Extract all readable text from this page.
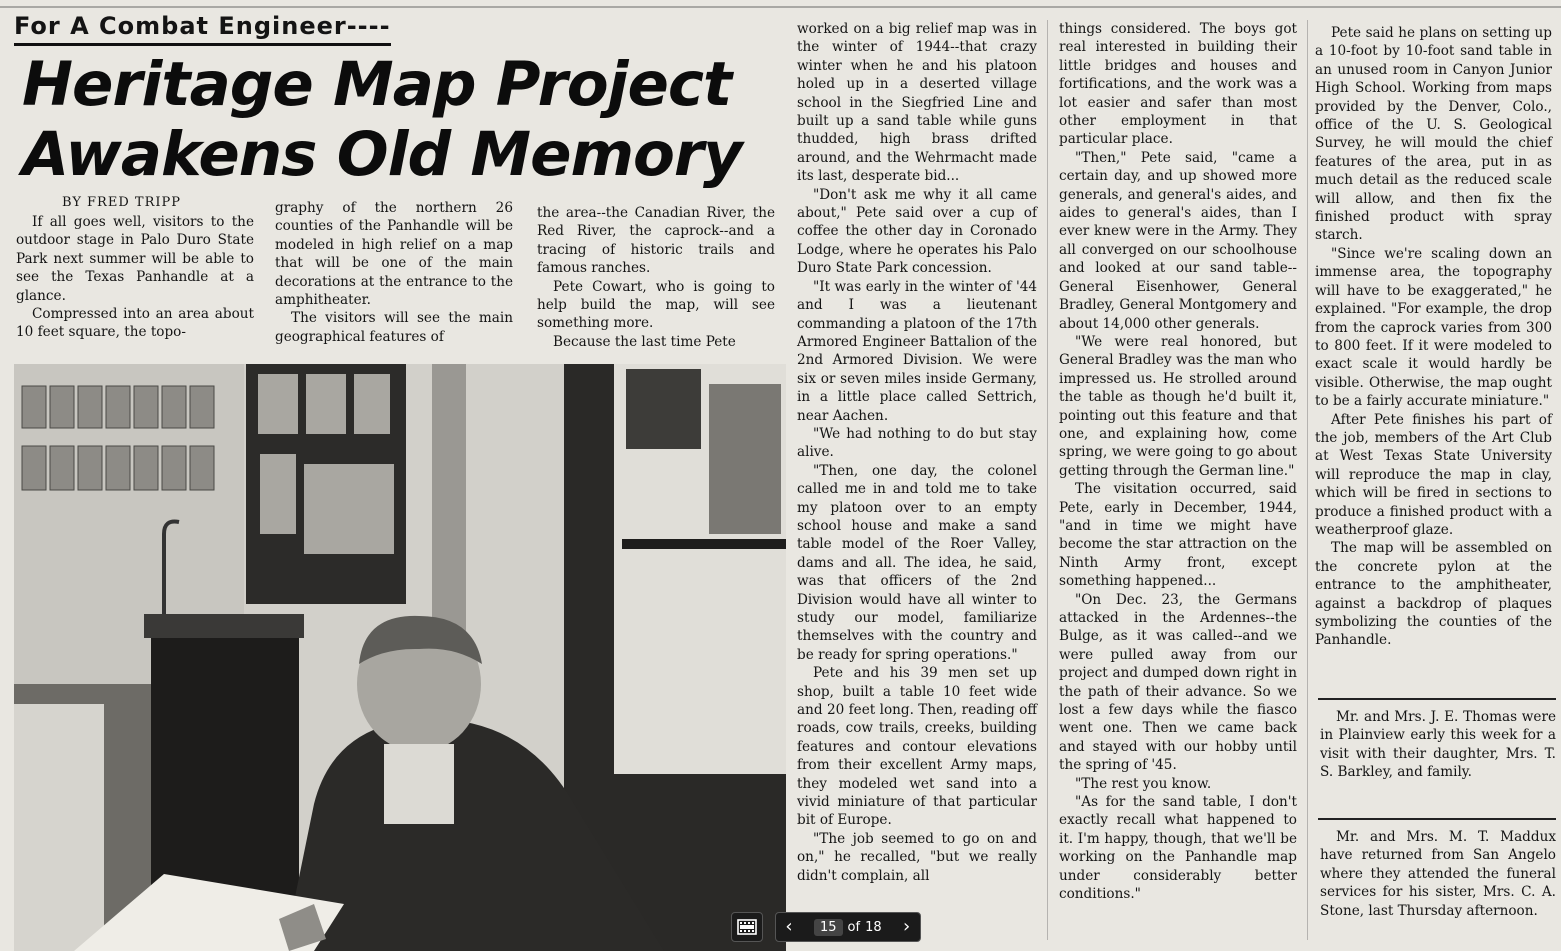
For A Combat Engineer----
Heritage Map Project Awakens Old Memory
BY FRED TRIPP

If all goes well, visitors to the outdoor stage in Palo Duro State Park next summer will be able to see the Texas Panhandle at a glance.

Compressed into an area about 10 feet square, the topo-

graphy of the northern 26 counties of the Panhandle will be modeled in high relief on a map that will be one of the main decorations at the entrance to the amphitheater.

The visitors will see the main geographical features of

the area--the Canadian River, the Red River, the caprock--and a tracing of historic trails and famous ranches.

Pete Cowart, who is going to help build the map, will see something more.

Because the last time Pete

worked on a big relief map was in the winter of 1944--that crazy winter when he and his platoon holed up in a deserted village school in the Siegfried Line and built up a sand table while guns thudded, high brass drifted around, and the Wehrmacht made its last, desperate bid...

"Don't ask me why it all came about," Pete said over a cup of coffee the other day in Coronado Lodge, where he operates his Palo Duro State Park concession.

"It was early in the winter of '44 and I was a lieutenant commanding a platoon of the 17th Armored Engineer Battalion of the 2nd Armored Division. We were six or seven miles inside Germany, in a little place called Settrich, near Aachen.

"We had nothing to do but stay alive.

"Then, one day, the colonel called me in and told me to take my platoon over to an empty school house and make a sand table model of the Roer Valley, dams and all. The idea, he said, was that officers of the 2nd Division would have all winter to study our model, familiarize themselves with the country and be ready for spring operations."

Pete and his 39 men set up shop, built a table 10 feet wide and 20 feet long. Then, reading off roads, cow trails, creeks, building features and contour elevations from their excellent Army maps, they modeled wet sand into a vivid miniature of that particular bit of Europe.

"The job seemed to go on and on," he recalled, "but we really didn't complain, all

things considered. The boys got real interested in building their little bridges and houses and fortifications, and the work was a lot easier and safer than most other employment in that particular place.

"Then," Pete said, "came a certain day, and up showed more generals, and general's aides, and aides to general's aides, than I ever knew were in the Army. They all converged on our schoolhouse and looked at our sand table--General Eisenhower, General Bradley, General Montgomery and about 14,000 other generals.

"We were real honored, but General Bradley was the man who impressed us. He strolled around the table as though he'd built it, pointing out this feature and that one, and explaining how, come spring, we were going to go about getting through the German line."

The visitation occurred, said Pete, early in December, 1944, "and in time we might have become the star attraction on the Ninth Army front, except something happened...

"On Dec. 23, the Germans attacked in the Ardennes--the Bulge, as it was called--and we were pulled away from our project and dumped down right in the path of their advance. So we lost a few days while the fiasco went one. Then we came back and stayed with our hobby until the spring of '45.

"The rest you know.

"As for the sand table, I don't exactly recall what happened to it. I'm happy, though, that we'll be working on the Panhandle map under considerably better conditions."

Pete said he plans on setting up a 10-foot by 10-foot sand table in an unused room in Canyon Junior High School. Working from maps provided by the Denver, Colo., office of the U. S. Geological Survey, he will mould the chief features of the area, put in as much detail as the reduced scale will allow, and then fix the finished product with spray starch.

"Since we're scaling down an immense area, the topography will have to be exaggerated," he explained. "For example, the drop from the caprock varies from 300 to 800 feet. If it were modeled to exact scale it would hardly be visible. Otherwise, the map ought to be a fairly accurate miniature."

After Pete finishes his part of the job, members of the Art Club at West Texas State University will reproduce the map in clay, which will be fired in sections to produce a finished product with a weatherproof glaze.

The map will be assembled on the concrete pylon at the entrance to the amphitheater, against a backdrop of plaques symbolizing the counties of the Panhandle.

Mr. and Mrs. J. E. Thomas were in Plainview early this week for a visit with their daughter, Mrs. T. S. Barkley, and family.

Mr. and Mrs. M. T. Maddux have returned from San Angelo where they attended the funeral services for his sister, Mrs. C. A. Stone, last Thursday afternoon.

‹	15 of 18	›
